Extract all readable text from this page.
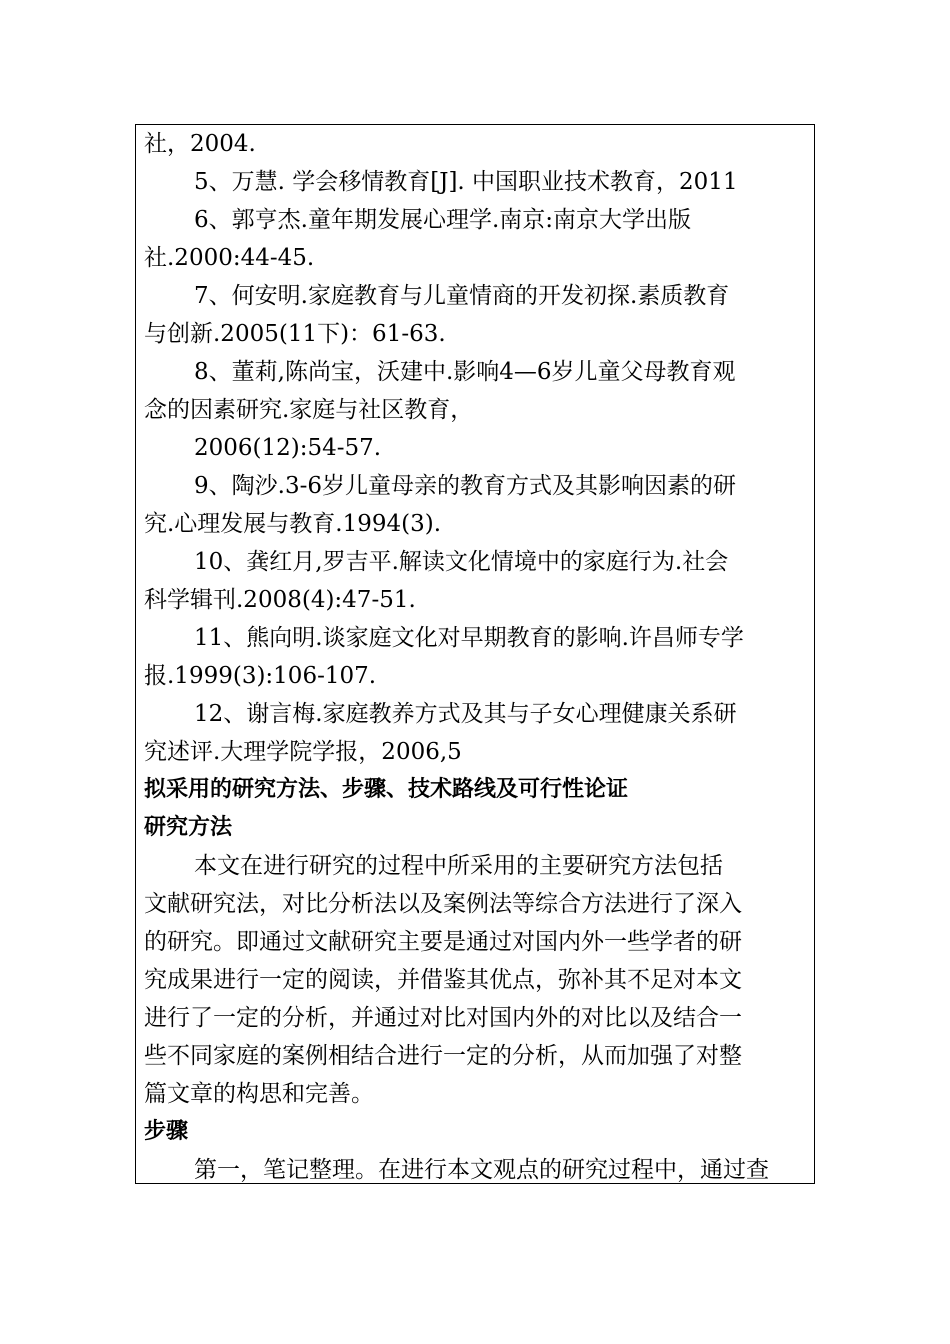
社，2004.
5、万慧. 学会移情教育[J]. 中国职业技术教育，2011
6、郭亨杰.童年期发展心理学.南京:南京大学出版
社.2000:44-45.
7、何安明.家庭教育与儿童情商的开发初探.素质教育
与创新.2005(11下)：61-63.
8、董莉,陈尚宝，沃建中.影响4—6岁儿童父母教育观
念的因素研究.家庭与社区教育，
2006(12):54-57.
9、陶沙.3-6岁儿童母亲的教育方式及其影响因素的研
究.心理发展与教育.1994(3).
10、龚红月,罗吉平.解读文化情境中的家庭行为.社会
科学辑刊.2008(4):47-51.
11、熊向明.谈家庭文化对早期教育的影响.许昌师专学
报.1999(3):106-107.
12、谢言梅.家庭教养方式及其与子女心理健康关系研
究述评.大理学院学报，2006,5
拟采用的研究方法、步骤、技术路线及可行性论证
研究方法
本文在进行研究的过程中所采用的主要研究方法包括
文献研究法，对比分析法以及案例法等综合方法进行了深入
的研究。即通过文献研究主要是通过对国内外一些学者的研
究成果进行一定的阅读，并借鉴其优点，弥补其不足对本文
进行了一定的分析，并通过对比对国内外的对比以及结合一
些不同家庭的案例相结合进行一定的分析，从而加强了对整
篇文章的构思和完善。
步骤
第一，笔记整理。在进行本文观点的研究过程中，通过查
